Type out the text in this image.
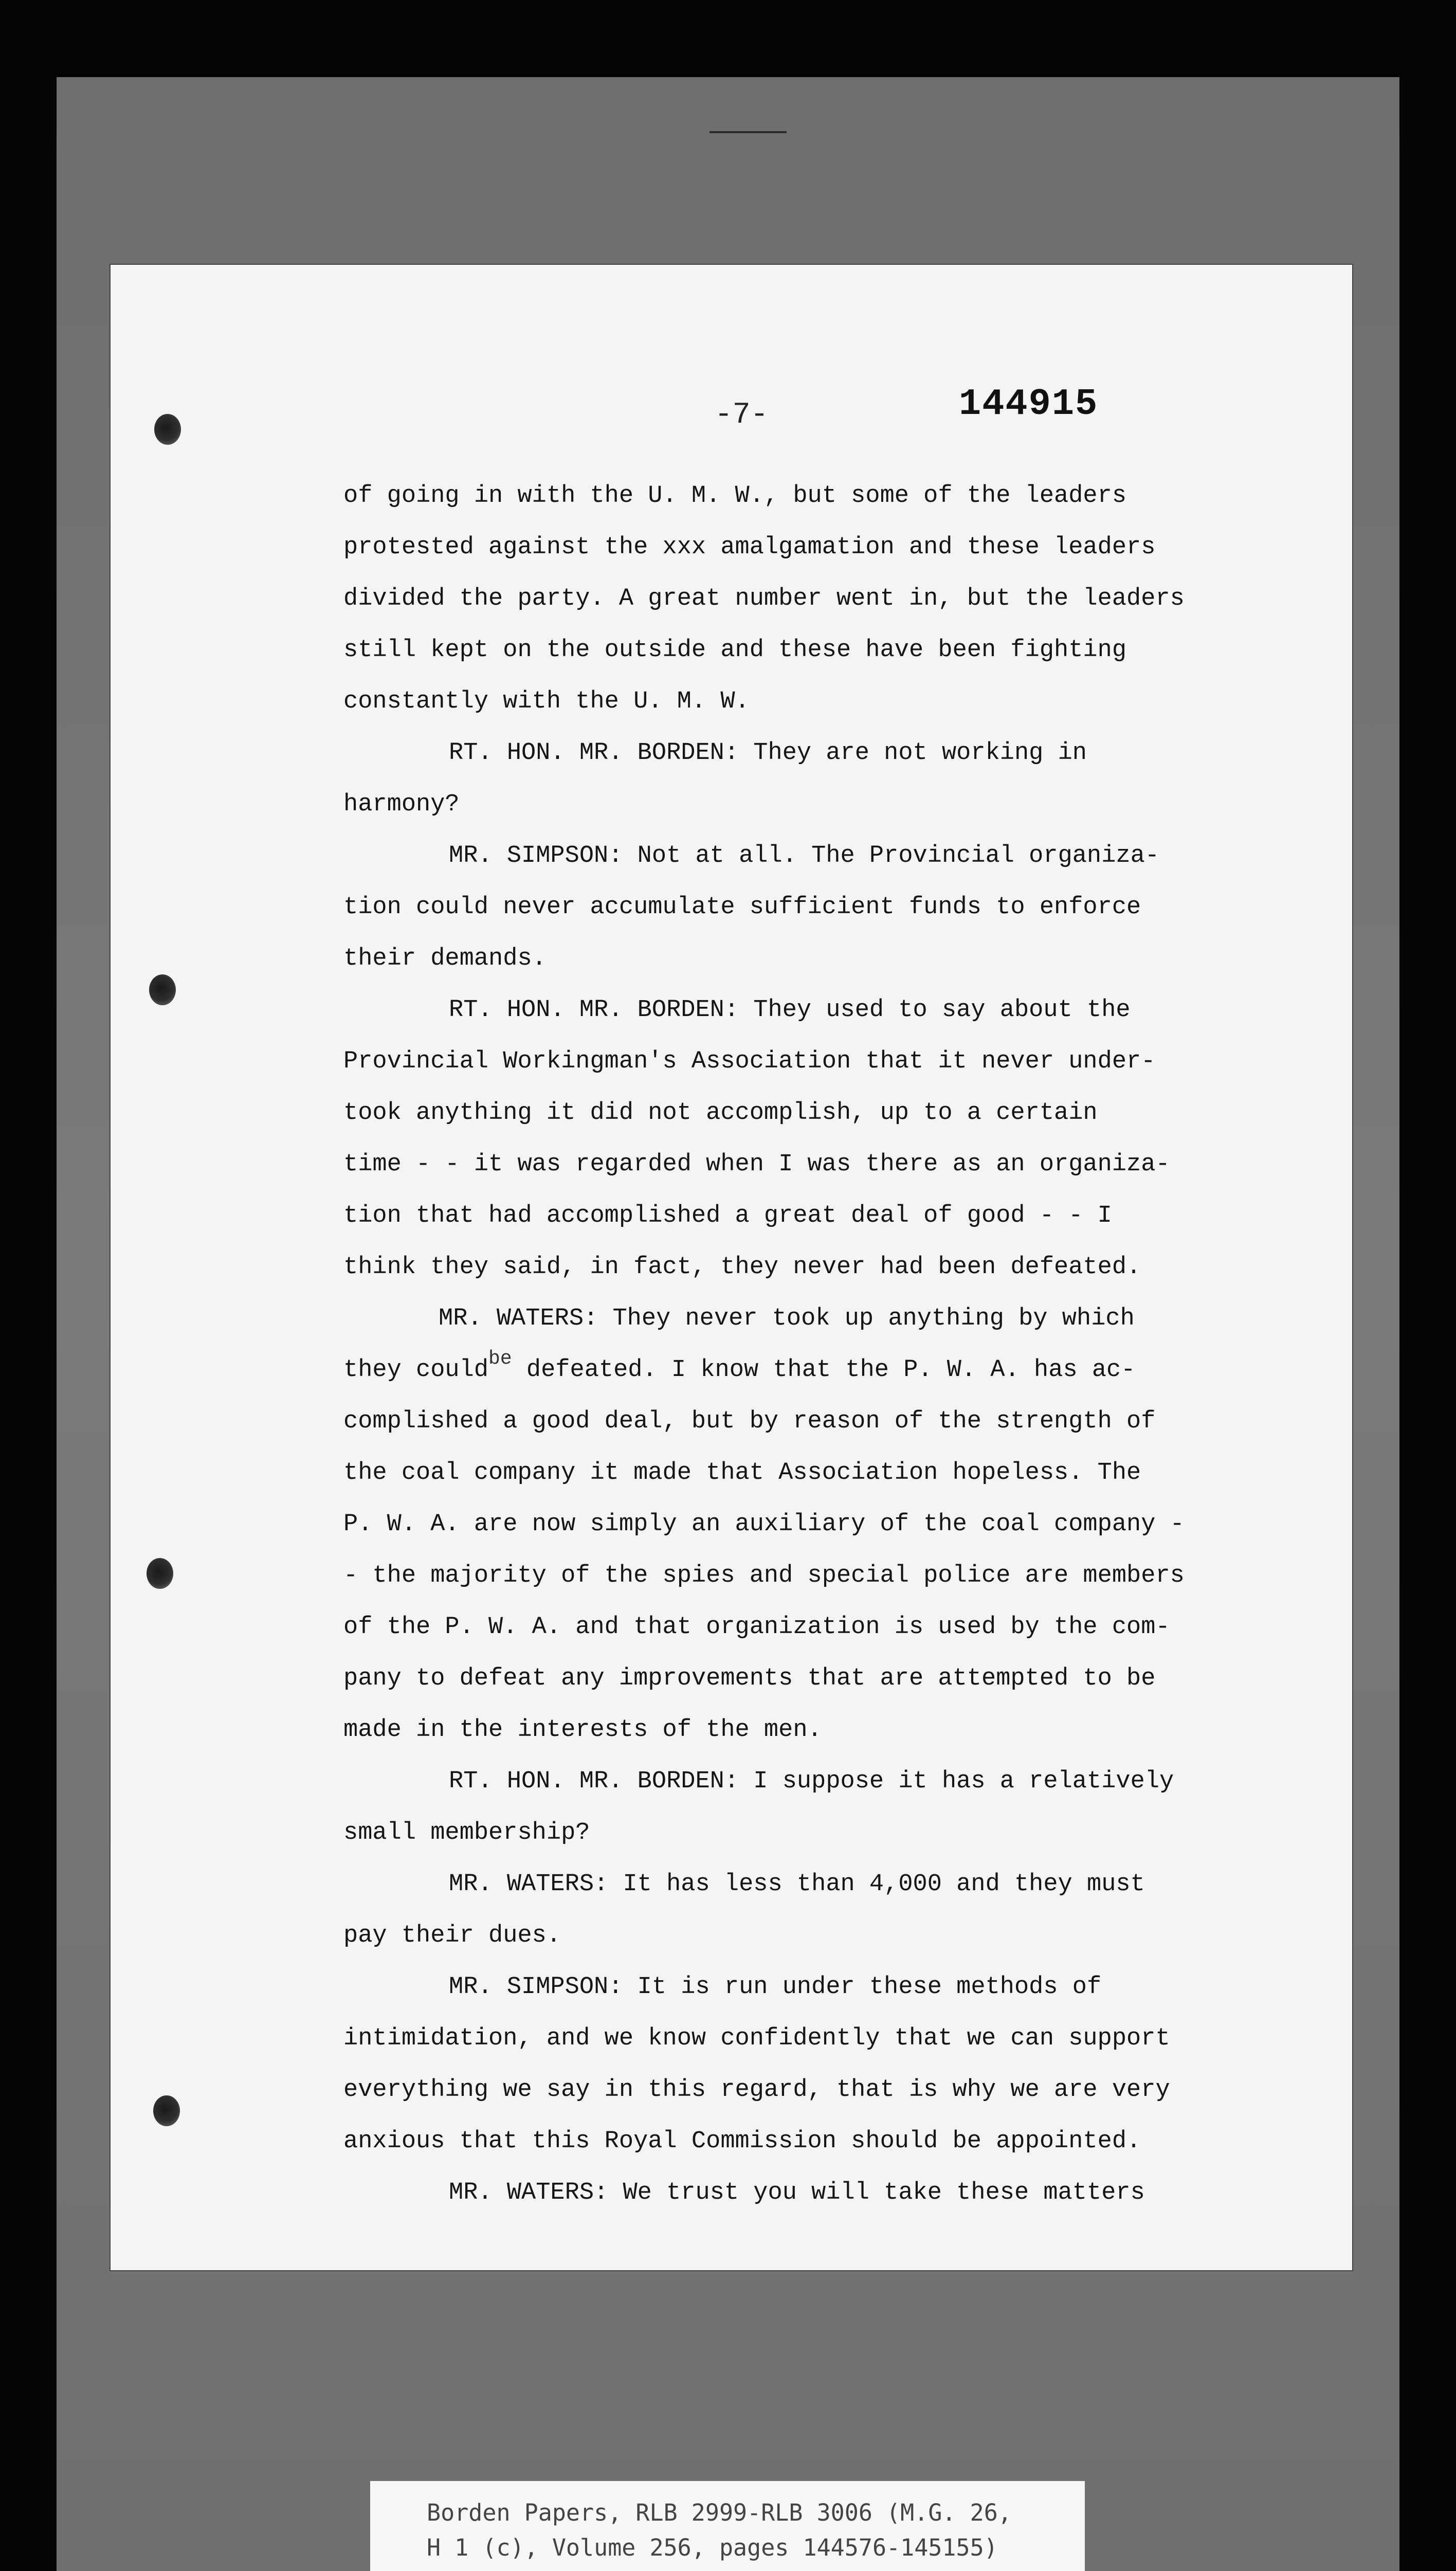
-7-	144915
of going in with the U. M. W., but some of the leaders
protested against the xxx amalgamation and these leaders
divided the party. A great number went in, but the leaders
still kept on the outside and these have been fighting
constantly with the U. M. W.
RT. HON. MR. BORDEN: They are not working in
harmony?
MR. SIMPSON: Not at all. The Provincial organiza-
tion could never accumulate sufficient funds to enforce
their demands.
RT. HON. MR. BORDEN: They used to say about the
Provincial Workingman's Association that it never under-
took anything it did not accomplish, up to a certain
time - - it was regarded when I was there as an organiza-
tion that had accomplished a great deal of good - - I
think they said, in fact, they never had been defeated.
MR. WATERS: They never took up anything by which
they could$^{be}$ defeated. I know that the P. W. A. has ac-
complished a good deal, but by reason of the strength of
the coal company it made that Association hopeless. The
P. W. A. are now simply an auxiliary of the coal company -
- the majority of the spies and special police are members
of the P. W. A. and that organization is used by the com-
pany to defeat any improvements that are attempted to be
made in the interests of the men.
RT. HON. MR. BORDEN: I suppose it has a relatively
small membership?
MR. WATERS: It has less than 4,000 and they must
pay their dues.
MR. SIMPSON: It is run under these methods of
intimidation, and we know confidently that we can support
everything we say in this regard, that is why we are very
anxious that this Royal Commission should be appointed.
MR. WATERS: We trust you will take these matters
Borden Papers, RLB 2999-RLB 3006 (M.G. 26,
H 1 (c), Volume 256, pages 144576-145155)
